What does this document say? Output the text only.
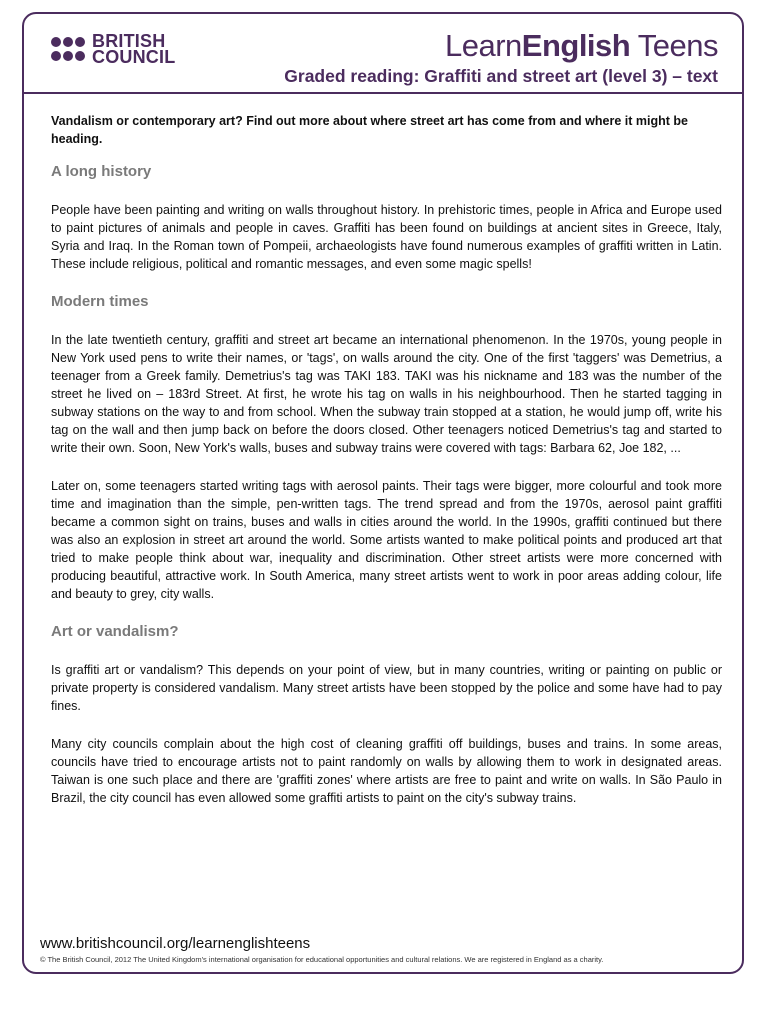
BRITISH
COUNCIL	LearnEnglish Teens
Graded reading: Graffiti and street art (level 3) – text

Vandalism or contemporary art? Find out more about where street art has come from and where it might be heading.

A long history

People have been painting and writing on walls throughout history. In prehistoric times, people in Africa and Europe used to paint pictures of animals and people in caves. Graffiti has been found on buildings at ancient sites in Greece, Italy, Syria and Iraq. In the Roman town of Pompeii, archaeologists have found numerous examples of graffiti written in Latin. These include religious, political and romantic messages, and even some magic spells!

Modern times

In the late twentieth century, graffiti and street art became an international phenomenon. In the 1970s, young people in New York used pens to write their names, or 'tags', on walls around the city. One of the first 'taggers' was Demetrius, a teenager from a Greek family. Demetrius's tag was TAKI 183. TAKI was his nickname and 183 was the number of the street he lived on – 183rd Street. At first, he wrote his tag on walls in his neighbourhood. Then he started tagging in subway stations on the way to and from school. When the subway train stopped at a station, he would jump off, write his tag on the wall and then jump back on before the doors closed. Other teenagers noticed Demetrius's tag and started to write their own. Soon, New York's walls, buses and subway trains were covered with tags: Barbara 62, Joe 182, ...

Later on, some teenagers started writing tags with aerosol paints. Their tags were bigger, more colourful and took more time and imagination than the simple, pen-written tags. The trend spread and from the 1970s, aerosol paint graffiti became a common sight on trains, buses and walls in cities around the world. In the 1990s, graffiti continued but there was also an explosion in street art around the world. Some artists wanted to make political points and produced art that tried to make people think about war, inequality and discrimination. Other street artists were more concerned with producing beautiful, attractive work. In South America, many street artists went to work in poor areas adding colour, life and beauty to grey, city walls.

Art or vandalism?

Is graffiti art or vandalism? This depends on your point of view, but in many countries, writing or painting on public or private property is considered vandalism. Many street artists have been stopped by the police and some have had to pay fines.

Many city councils complain about the high cost of cleaning graffiti off buildings, buses and trains. In some areas, councils have tried to encourage artists not to paint randomly on walls by allowing them to work in designated areas. Taiwan is one such place and there are 'graffiti zones' where artists are free to paint and write on walls. In São Paulo in Brazil, the city council has even allowed some graffiti artists to paint on the city's subway trains.

www.britishcouncil.org/learnenglishteens
© The British Council, 2012 The United Kingdom's international organisation for educational opportunities and cultural relations. We are registered in England as a charity.
